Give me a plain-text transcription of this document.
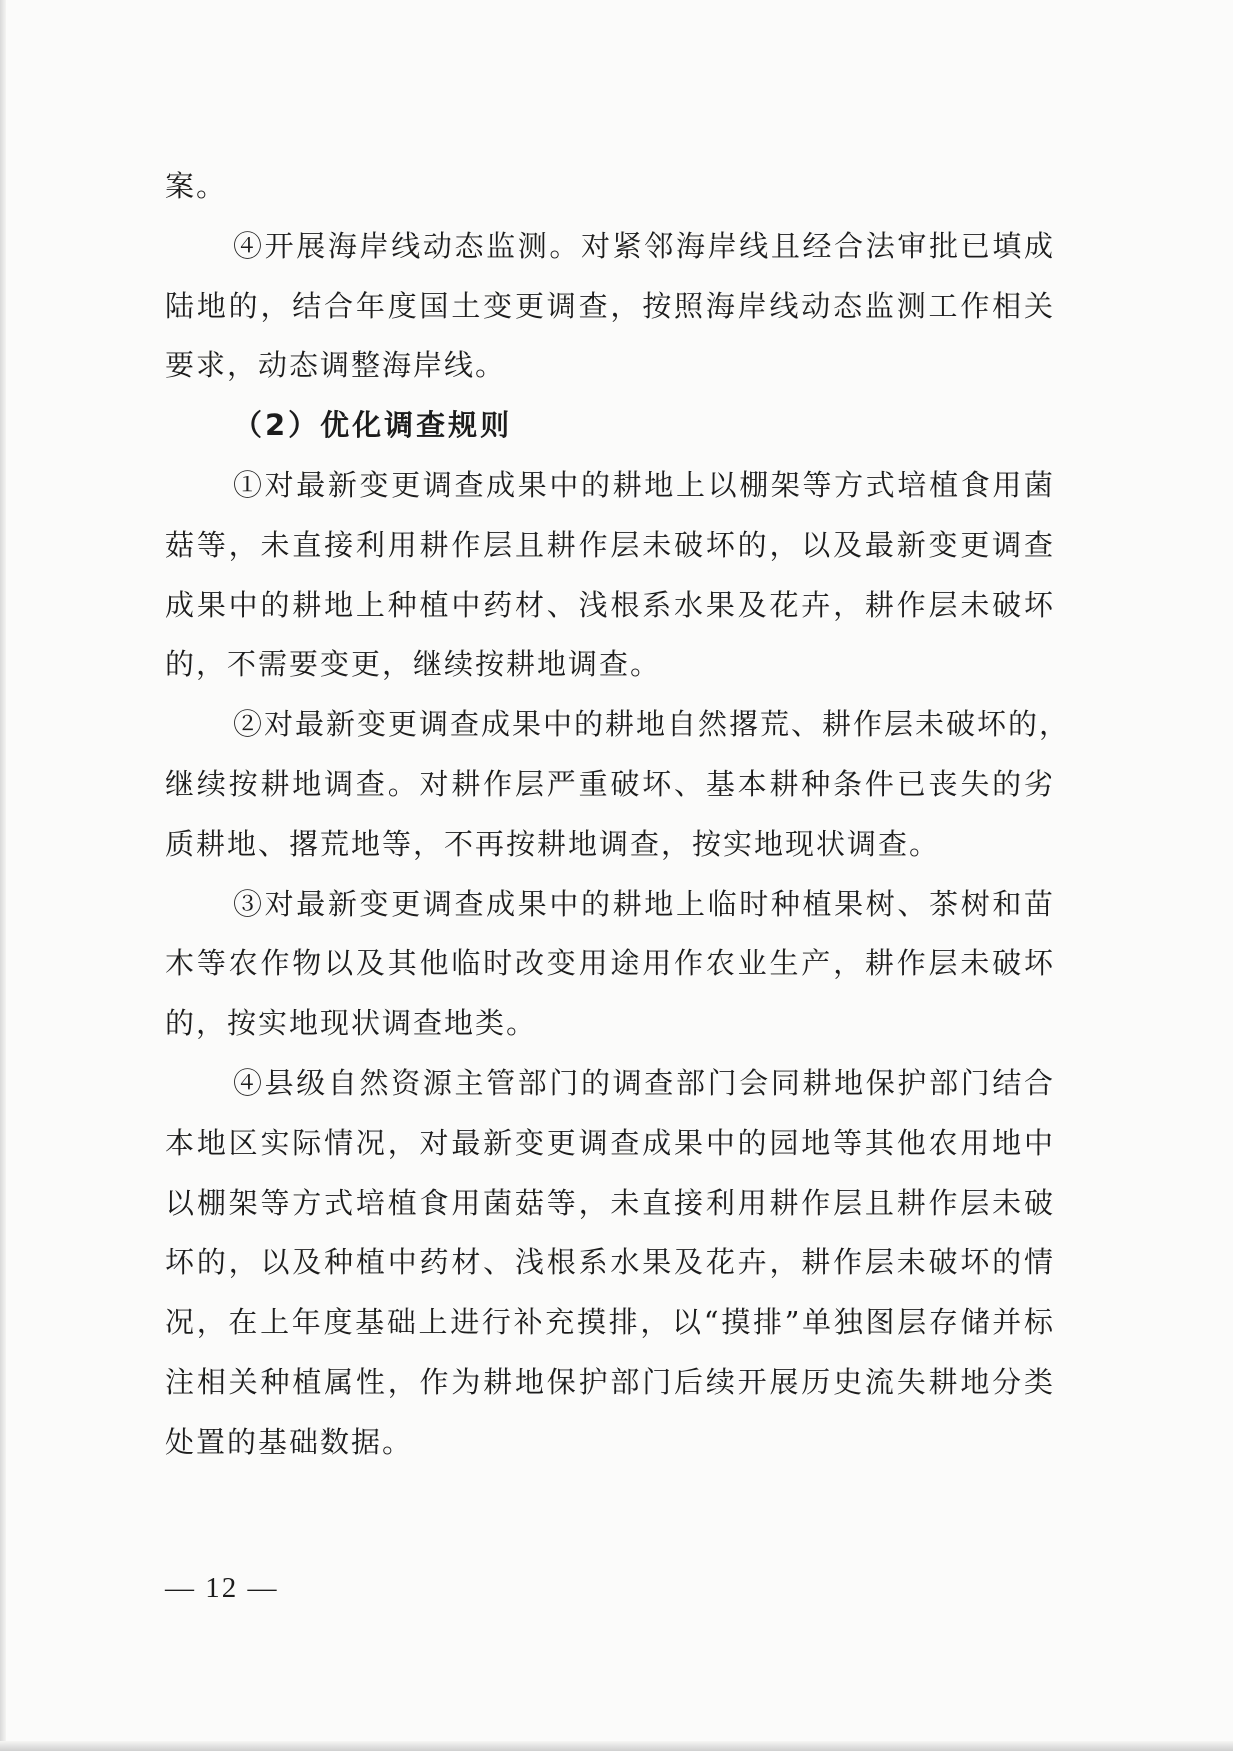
案。
④开展海岸线动态监测。对紧邻海岸线且经合法审批已填成
陆地的，结合年度国土变更调查，按照海岸线动态监测工作相关
要求，动态调整海岸线。
（2）优化调查规则
①对最新变更调查成果中的耕地上以棚架等方式培植食用菌
菇等，未直接利用耕作层且耕作层未破坏的，以及最新变更调查
成果中的耕地上种植中药材、浅根系水果及花卉，耕作层未破坏
的，不需要变更，继续按耕地调查。
②对最新变更调查成果中的耕地自然撂荒、耕作层未破坏的，
继续按耕地调查。对耕作层严重破坏、基本耕种条件已丧失的劣
质耕地、撂荒地等，不再按耕地调查，按实地现状调查。
③对最新变更调查成果中的耕地上临时种植果树、茶树和苗
木等农作物以及其他临时改变用途用作农业生产，耕作层未破坏
的，按实地现状调查地类。
④县级自然资源主管部门的调查部门会同耕地保护部门结合
本地区实际情况，对最新变更调查成果中的园地等其他农用地中
以棚架等方式培植食用菌菇等，未直接利用耕作层且耕作层未破
坏的，以及种植中药材、浅根系水果及花卉，耕作层未破坏的情
况，在上年度基础上进行补充摸排，以“摸排”单独图层存储并标
注相关种植属性，作为耕地保护部门后续开展历史流失耕地分类
处置的基础数据。
— 12 —
